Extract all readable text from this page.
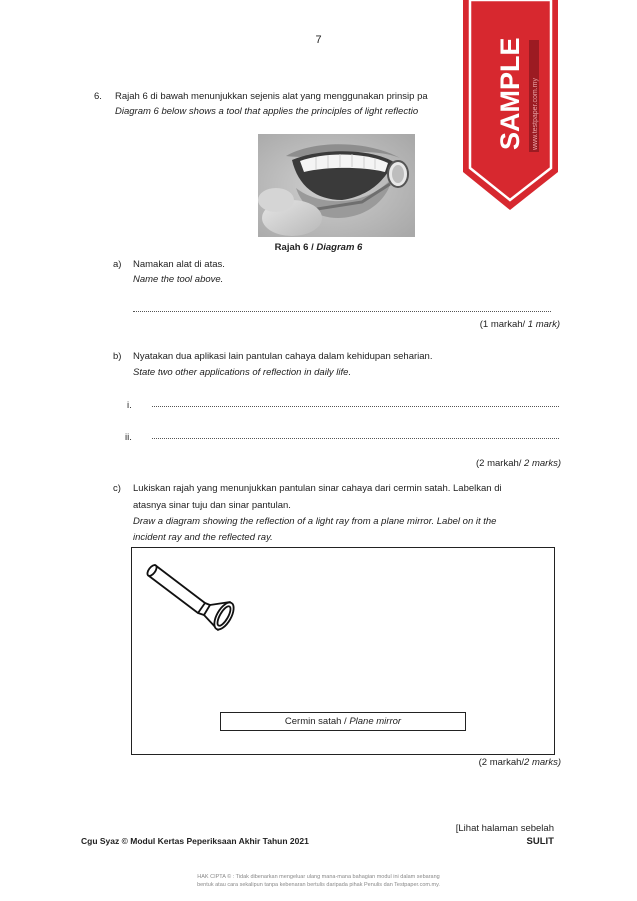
7
6. Rajah 6 di bawah menunjukkan sejenis alat yang menggunakan prinsip pa
Diagram 6 below shows a tool that applies the principles of light reflectio	SAMPLE www.testpaper.com.my
Rajah 6 / Diagram 6
a) Namakan alat di atas.
Name the tool above.
(1 markah/ 1 mark)
b) Nyatakan dua aplikasi lain pantulan cahaya dalam kehidupan seharian.
State two other applications of reflection in daily life.
i.
ii.
(2 markah/ 2 marks)
c) Lukiskan rajah yang menunjukkan pantulan sinar cahaya dari cermin satah. Labelkan di
atasnya sinar tuju dan sinar pantulan.
Draw a diagram showing the reflection of a light ray from a plane mirror. Label on it the
incident ray and the reflected ray.
Cermin satah / Plane mirror
(2 markah/2 marks)
Cgu Syaz © Modul Kertas Peperiksaan Akhir Tahun 2021
[Lihat halaman sebelah
SULIT
HAK CIPTA © : Tidak dibenarkan mengeluar ulang mana-mana bahagian modul ini dalam sebarang
bentuk atau cara sekalipun tanpa kebenaran bertulis daripada pihak Penulis dan Testpaper.com.my.
